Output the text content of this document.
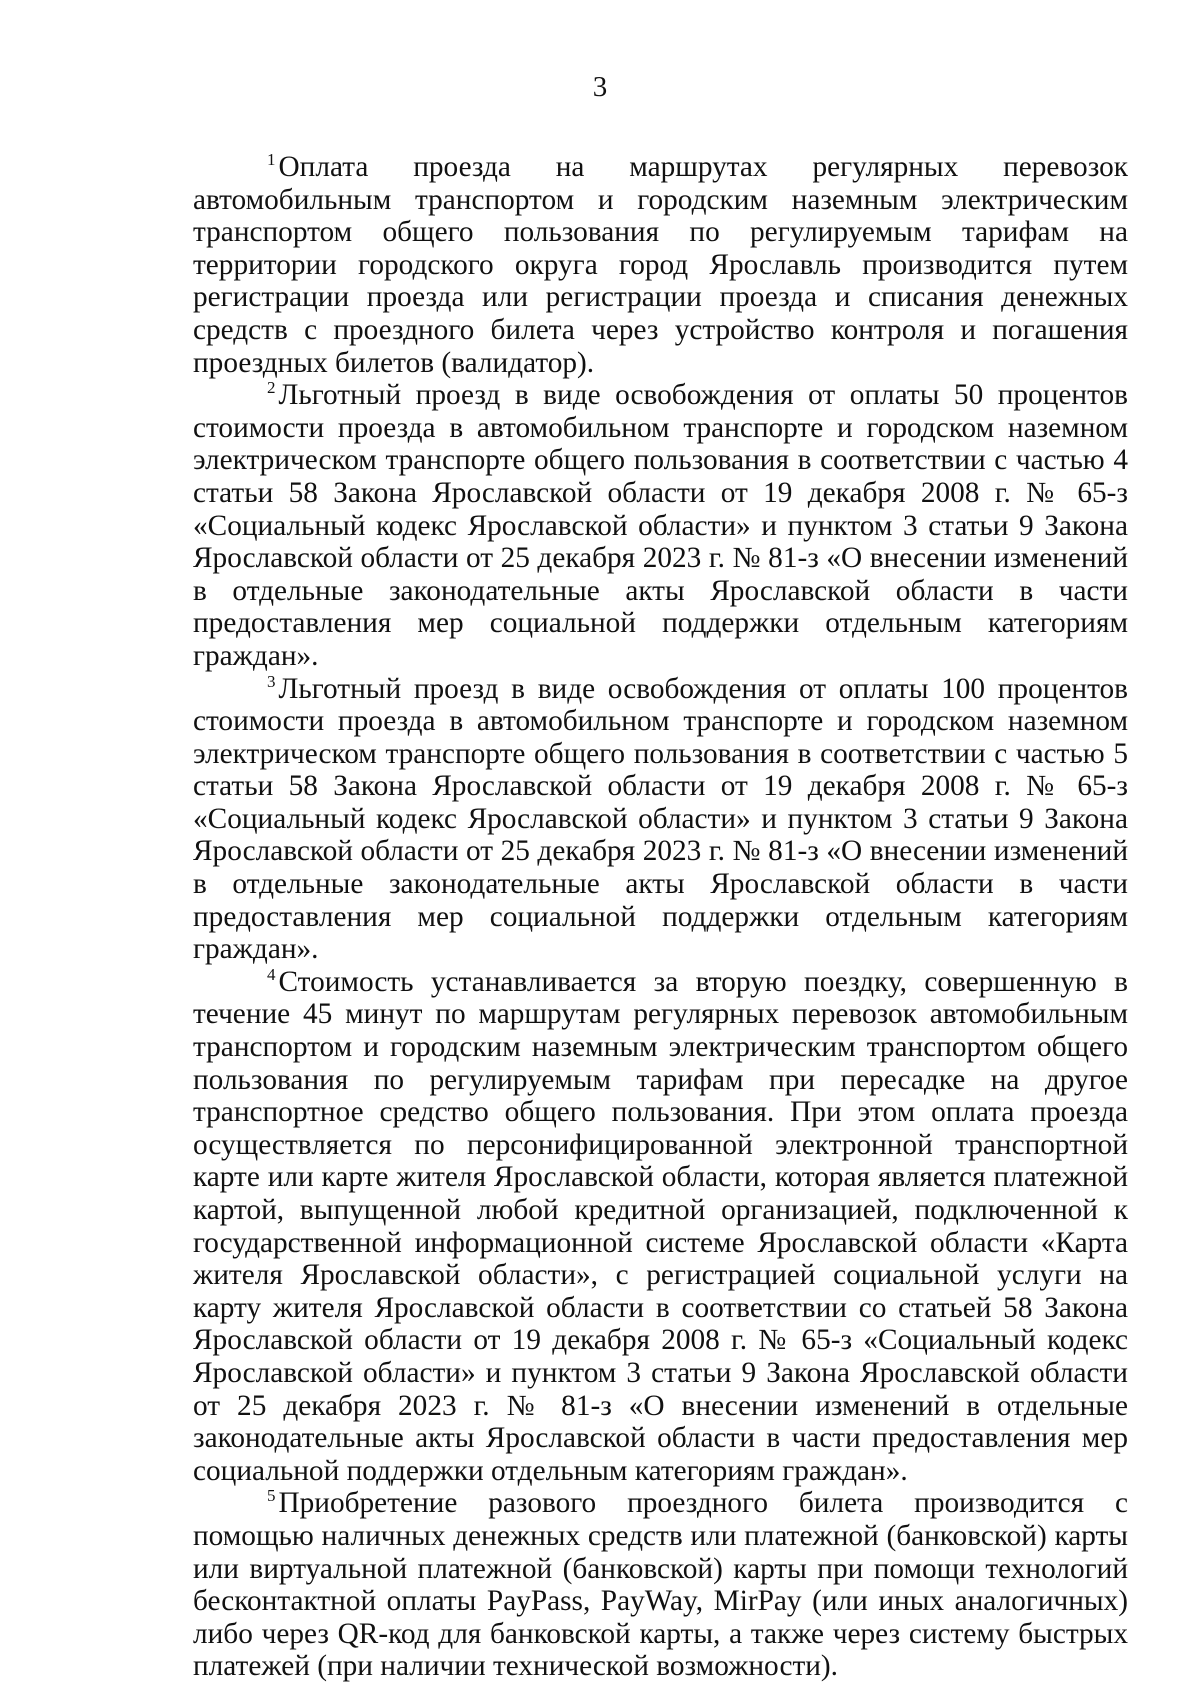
3

$^1$ Оплата проезда на маршрутах регулярных перевозок автомобильным транспортом и городским наземным электрическим транспортом общего пользования по регулируемым тарифам на территории городского округа город Ярославль производится путем регистрации проезда или регистрации проезда и списания денежных средств с проездного билета через устройство контроля и погашения проездных билетов (валидатор).

$^2$ Льготный проезд в виде освобождения от оплаты 50 процентов стоимости проезда в автомобильном транспорте и городском наземном электрическом транспорте общего пользования в соответствии с частью 4 статьи 58 Закона Ярославской области от 19 декабря 2008 г. № 65-з «Социальный кодекс Ярославской области» и пунктом 3 статьи 9 Закона Ярославской области от 25 декабря 2023 г. № 81-з «О внесении изменений в отдельные законодательные акты Ярославской области в части предоставления мер социальной поддержки отдельным категориям граждан».

$^3$ Льготный проезд в виде освобождения от оплаты 100 процентов стоимости проезда в автомобильном транспорте и городском наземном электрическом транспорте общего пользования в соответствии с частью 5 статьи 58 Закона Ярославской области от 19 декабря 2008 г. № 65-з «Социальный кодекс Ярославской области» и пунктом 3 статьи 9 Закона Ярославской области от 25 декабря 2023 г. № 81-з «О внесении изменений в отдельные законодательные акты Ярославской области в части предоставления мер социальной поддержки отдельным категориям граждан».

$^4$ Стоимость устанавливается за вторую поездку, совершенную в течение 45 минут по маршрутам регулярных перевозок автомобильным транспортом и городским наземным электрическим транспортом общего пользования по регулируемым тарифам при пересадке на другое транспортное средство общего пользования. При этом оплата проезда осуществляется по персонифицированной электронной транспортной карте или карте жителя Ярославской области, которая является платежной картой, выпущенной любой кредитной организацией, подключенной к государственной информационной системе Ярославской области «Карта жителя Ярославской области», с регистрацией социальной услуги на карту жителя Ярославской области в соответствии со статьей 58 Закона Ярославской области от 19 декабря 2008 г. № 65-з «Социальный кодекс Ярославской области» и пунктом 3 статьи 9 Закона Ярославской области от 25 декабря 2023 г. № 81-з «О внесении изменений в отдельные законодательные акты Ярославской области в части предоставления мер социальной поддержки отдельным категориям граждан».

$^5$ Приобретение разового проездного билета производится с помощью наличных денежных средств или платежной (банковской) карты или виртуальной платежной (банковской) карты при помощи технологий бесконтактной оплаты PayPass, PayWay, MirPay (или иных аналогичных) либо через QR-код для банковской карты, а также через систему быстрых платежей (при наличии технической возможности).
